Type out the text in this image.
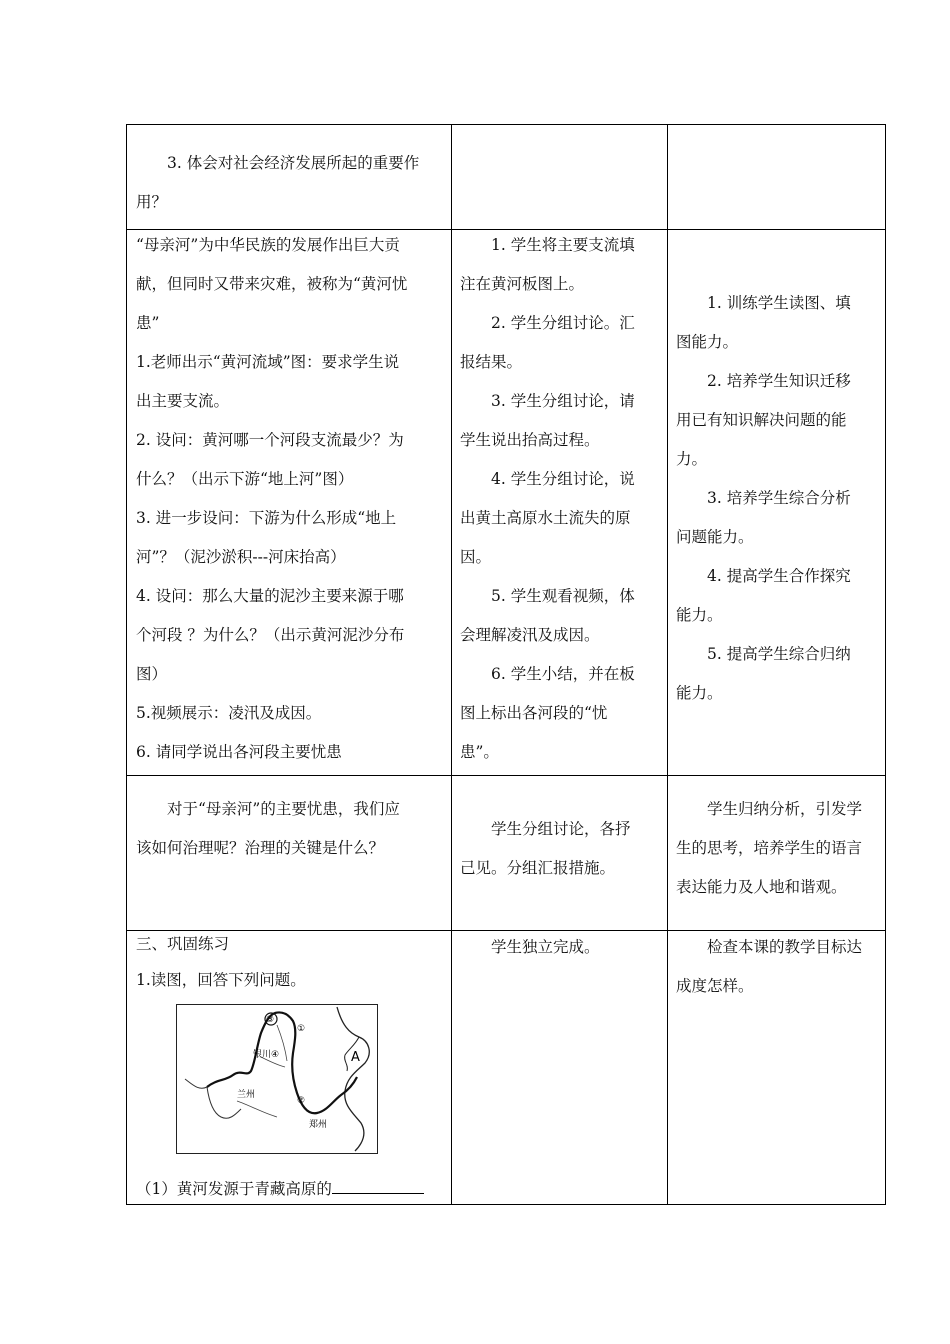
3. 体会对社会经济发展所起的重要作

用？

“母亲河”为中华民族的发展作出巨大贡

献，但同时又带来灾难，被称为“黄河忧

患”

1.老师出示“黄河流域”图：要求学生说

出主要支流。

2. 设问：黄河哪一个河段支流最少？为

什么？（出示下游“地上河”图）

3. 进一步设问：下游为什么形成“地上

河”？（泥沙淤积---河床抬高）

4. 设问：那么大量的泥沙主要来源于哪

个河段 ？为什么？（出示黄河泥沙分布

图）

5.视频展示：凌汛及成因。

6. 请同学说出各河段主要忧患

1. 学生将主要支流填

注在黄河板图上。

2. 学生分组讨论。汇

报结果。

3. 学生分组讨论，请

学生说出抬高过程。

4. 学生分组讨论，说

出黄土高原水土流失的原

因。

5. 学生观看视频，体

会理解凌汛及成因。

6. 学生小结，并在板

图上标出各河段的“忧

患”。

1. 训练学生读图、填

图能力。

2. 培养学生知识迁移

用已有知识解决问题的能

力。

3. 培养学生综合分析

问题能力。

4. 提高学生合作探究

能力。

5. 提高学生综合归纳

能力。

对于“母亲河”的主要忧患，我们应

该如何治理呢？治理的关键是什么？

学生分组讨论，各抒

己见。分组汇报措施。

学生归纳分析，引发学

生的思考，培养学生的语言

表达能力及人地和谐观。

三、巩固练习

1.读图，回答下列问题。

③
①
银川 ④	A
兰州
②
郑州

（1）黄河发源于青藏高原的

学生独立完成。	检查本课的教学目标达

成度怎样。
